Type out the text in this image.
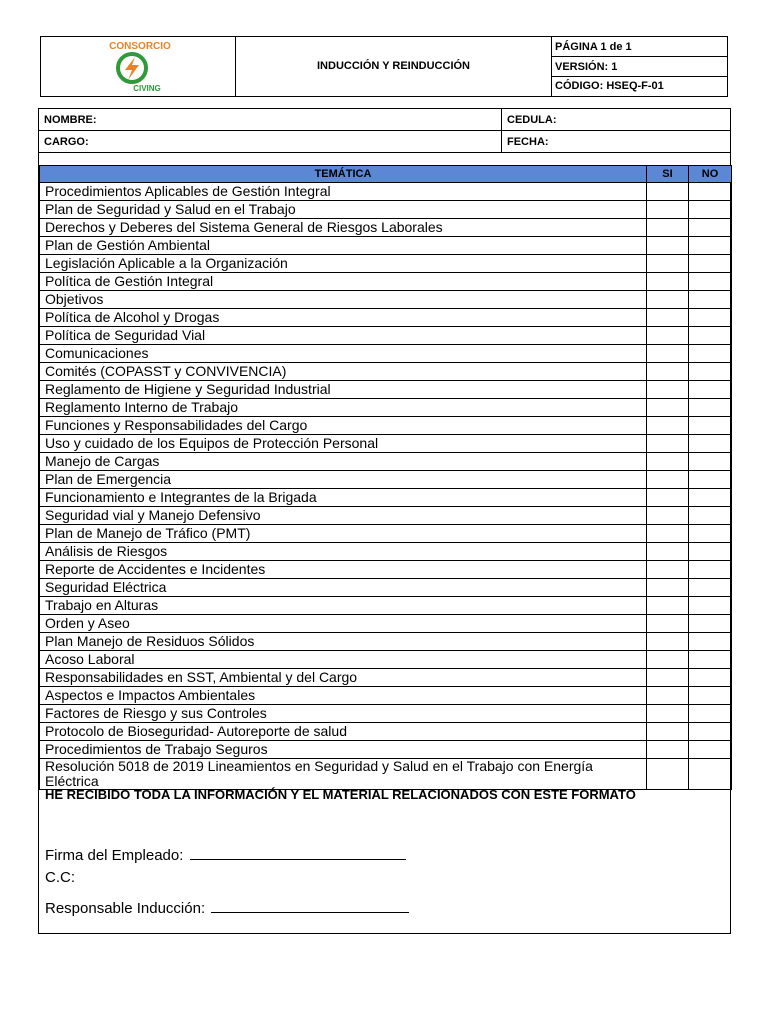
CONSORCIO
CIVING
INDUCCIÓN Y REINDUCCIÓN
PÁGINA 1 de 1
VERSIÓN: 1
CÓDIGO: HSEQ-F-01
NOMBRE:	CEDULA:
CARGO:	FECHA:
TEMÁTICA	SI	NO
Procedimientos Aplicables de Gestión Integral		
Plan de Seguridad y Salud en el Trabajo		
Derechos y Deberes del Sistema General de Riesgos Laborales		
Plan de Gestión Ambiental		
Legislación Aplicable a la Organización		
Política de Gestión Integral		
Objetivos		
Política de Alcohol y Drogas		
Política de Seguridad Vial		
Comunicaciones		
Comités (COPASST y CONVIVENCIA)		
Reglamento de Higiene y Seguridad Industrial		
Reglamento Interno de Trabajo		
Funciones y Responsabilidades del Cargo		
Uso y cuidado de los Equipos de Protección Personal		
Manejo de Cargas		
Plan de Emergencia		
Funcionamiento e Integrantes de la Brigada		
Seguridad vial y Manejo Defensivo		
Plan de Manejo de Tráfico (PMT)		
Análisis de Riesgos		
Reporte de Accidentes e Incidentes		
Seguridad Eléctrica		
Trabajo en Alturas		
Orden y Aseo		
Plan Manejo de Residuos Sólidos		
Acoso Laboral		
Responsabilidades en SST, Ambiental y del Cargo		
Aspectos e Impactos Ambientales		
Factores de Riesgo y sus Controles		
Protocolo de Bioseguridad- Autoreporte de salud		
Procedimientos de Trabajo Seguros		
Resolución 5018 de 2019 Lineamientos en Seguridad y Salud en el Trabajo con Energía Eléctrica		
HE RECIBIDO TODA LA INFORMACIÓN Y EL MATERIAL RELACIONADOS CON ESTE FORMATO
Firma del Empleado:
C.C:
Responsable Inducción:
